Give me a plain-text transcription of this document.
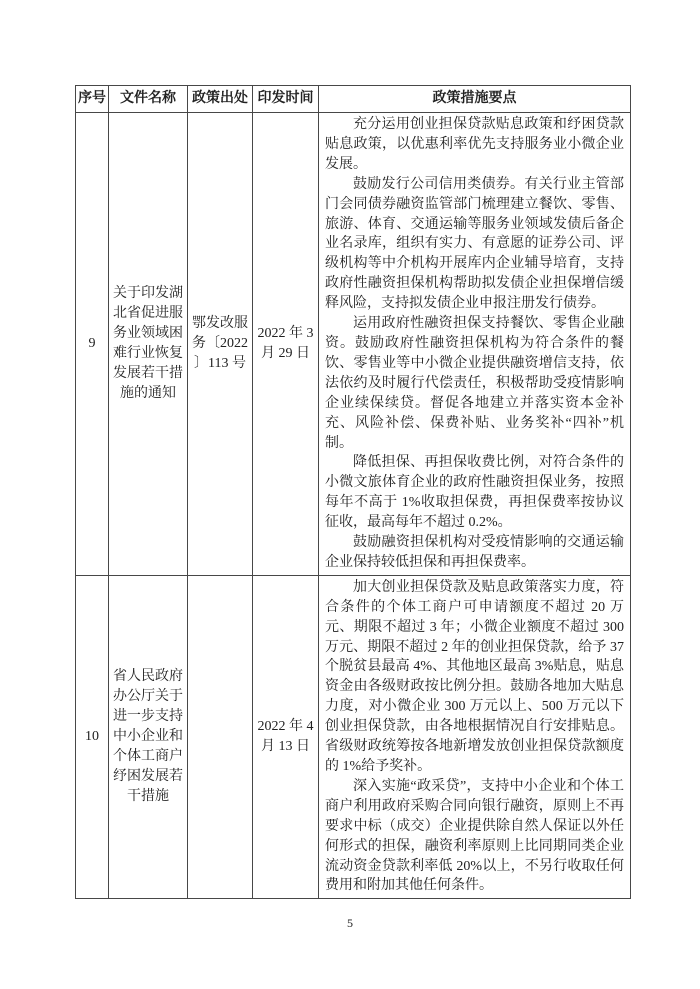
序号	文件名称	政策出处	印发时间	政策措施要点
9	关于印发湖北省促进服务业领域困难行业恢复发展若干措施的通知	鄂发改服务〔2022〕113 号	2022 年 3 月 29 日	充分运用创业担保贷款贴息政策和纾困贷款贴息政策，以优惠利率优先支持服务业小微企业发展。

鼓励发行公司信用类债券。有关行业主管部门会同债券融资监管部门梳理建立餐饮、零售、旅游、体育、交通运输等服务业领域发债后备企业名录库，组织有实力、有意愿的证券公司、评级机构等中介机构开展库内企业辅导培育，支持政府性融资担保机构帮助拟发债企业担保增信缓释风险，支持拟发债企业申报注册发行债券。

运用政府性融资担保支持餐饮、零售企业融资。鼓励政府性融资担保机构为符合条件的餐饮、零售业等中小微企业提供融资增信支持，依法依约及时履行代偿责任，积极帮助受疫情影响企业续保续贷。督促各地建立并落实资本金补充、风险补偿、保费补贴、业务奖补“四补”机制。

降低担保、再担保收费比例，对符合条件的小微文旅体育企业的政府性融资担保业务，按照每年不高于 1%收取担保费，再担保费率按协议征收，最高每年不超过 0.2%。

鼓励融资担保机构对受疫情影响的交通运输企业保持较低担保和再担保费率。

10	省人民政府办公厅关于进一步支持中小企业和个体工商户纾困发展若干措施		2022 年 4 月 13 日	加大创业担保贷款及贴息政策落实力度，符合条件的个体工商户可申请额度不超过 20 万元、期限不超过 3 年；小微企业额度不超过 300 万元、期限不超过 2 年的创业担保贷款，给予 37 个脱贫县最高 4%、其他地区最高 3%贴息，贴息资金由各级财政按比例分担。鼓励各地加大贴息力度，对小微企业 300 万元以上、500 万元以下创业担保贷款，由各地根据情况自行安排贴息。省级财政统筹按各地新增发放创业担保贷款额度的 1%给予奖补。

深入实施“政采贷”，支持中小企业和个体工商户利用政府采购合同向银行融资，原则上不再要求中标（成交）企业提供除自然人保证以外任何形式的担保，融资利率原则上比同期同类企业流动资金贷款利率低 20%以上，不另行收取任何费用和附加其他任何条件。

5
